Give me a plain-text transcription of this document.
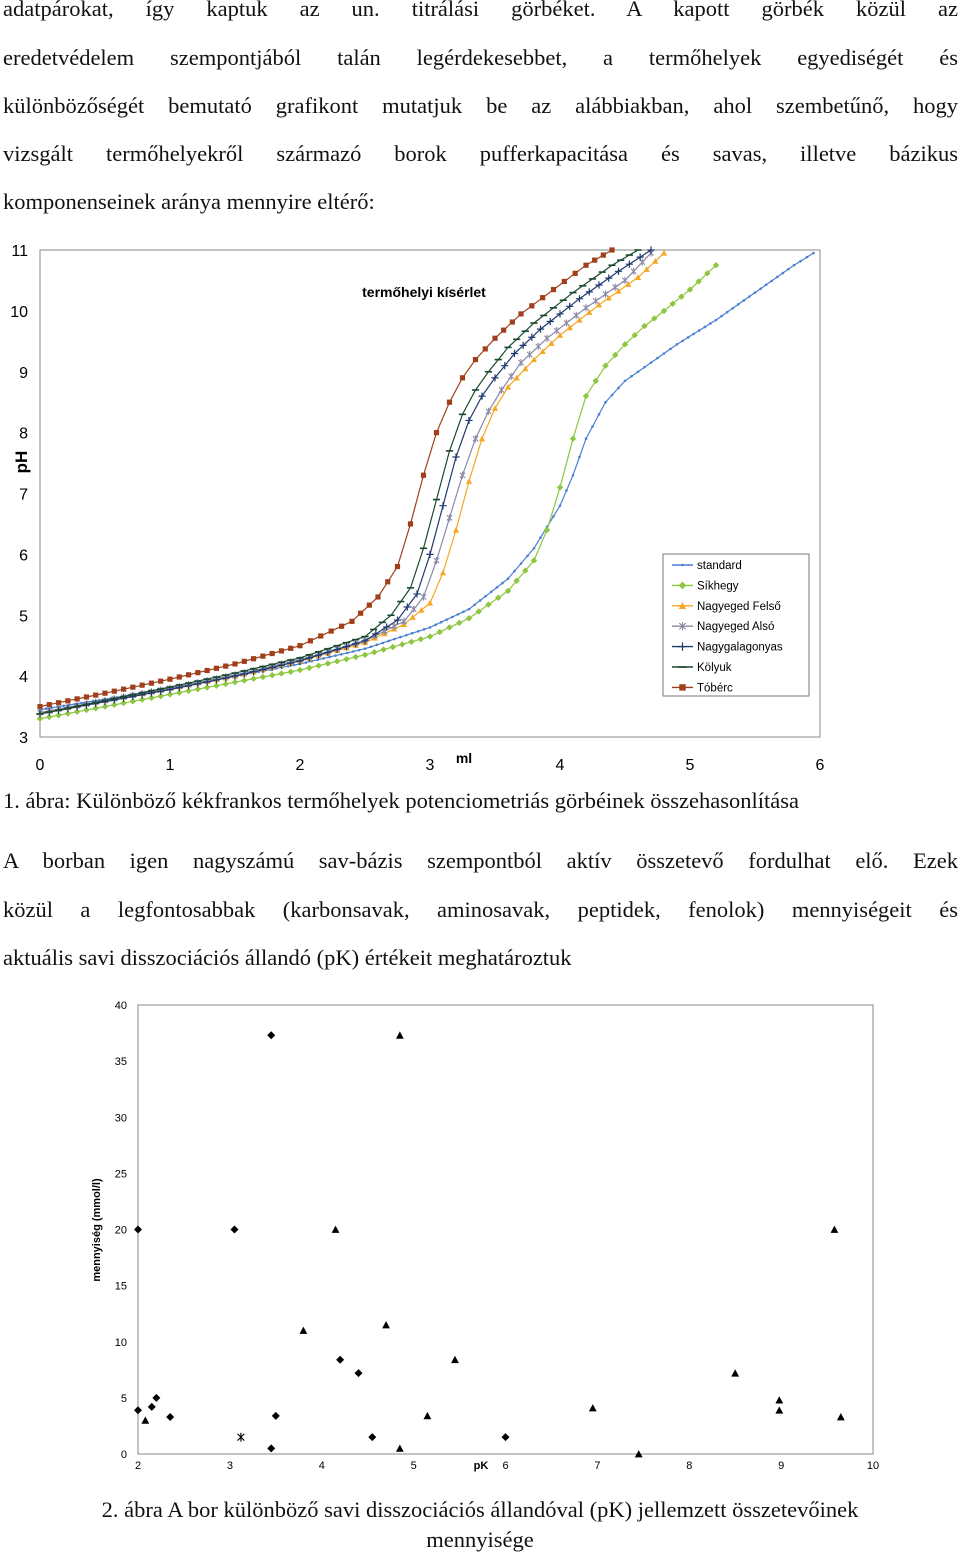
adatpárokat, így kaptuk az un. titrálási görbéket. A kapott görbék közül az
eredetvédelem szempontjából talán legérdekesebbet, a termőhelyek egyediségét és
különbözőségét bemutató grafikont mutatjuk be az alábbiakban, ahol szembetűnő, hogy
vizsgált termőhelyekről származó borok pufferkapacitása és savas, illetve bázikus
komponenseinek aránya mennyire eltérő:
termőhelyi kísérlet
pH
ml
3
4
5
6
7
8
9
10
11
0	1	2	3	4	5	6
standard
Síkhegy
Nagyeged Felső
Nagyeged Alsó
Nagygalagonyas
Kölyuk
Tóbérc
1. ábra: Különböző kékfrankos termőhelyek potenciometriás görbéinek összehasonlítása
A borban igen nagyszámú sav-bázis szempontból aktív összetevő fordulhat elő. Ezek
közül a legfontosabbak (karbonsavak, aminosavak, peptidek, fenolok) mennyiségeit és
aktuális savi disszociációs állandó (pK) értékeit meghatároztuk
mennyiség (mmol/l)
pK
0
5
10
15
20
25
30
35
40
2	3	4	5	6	7	8	9	10
2. ábra A bor különböző savi disszociációs állandóval (pK) jellemzett összetevőinek
mennyisége
